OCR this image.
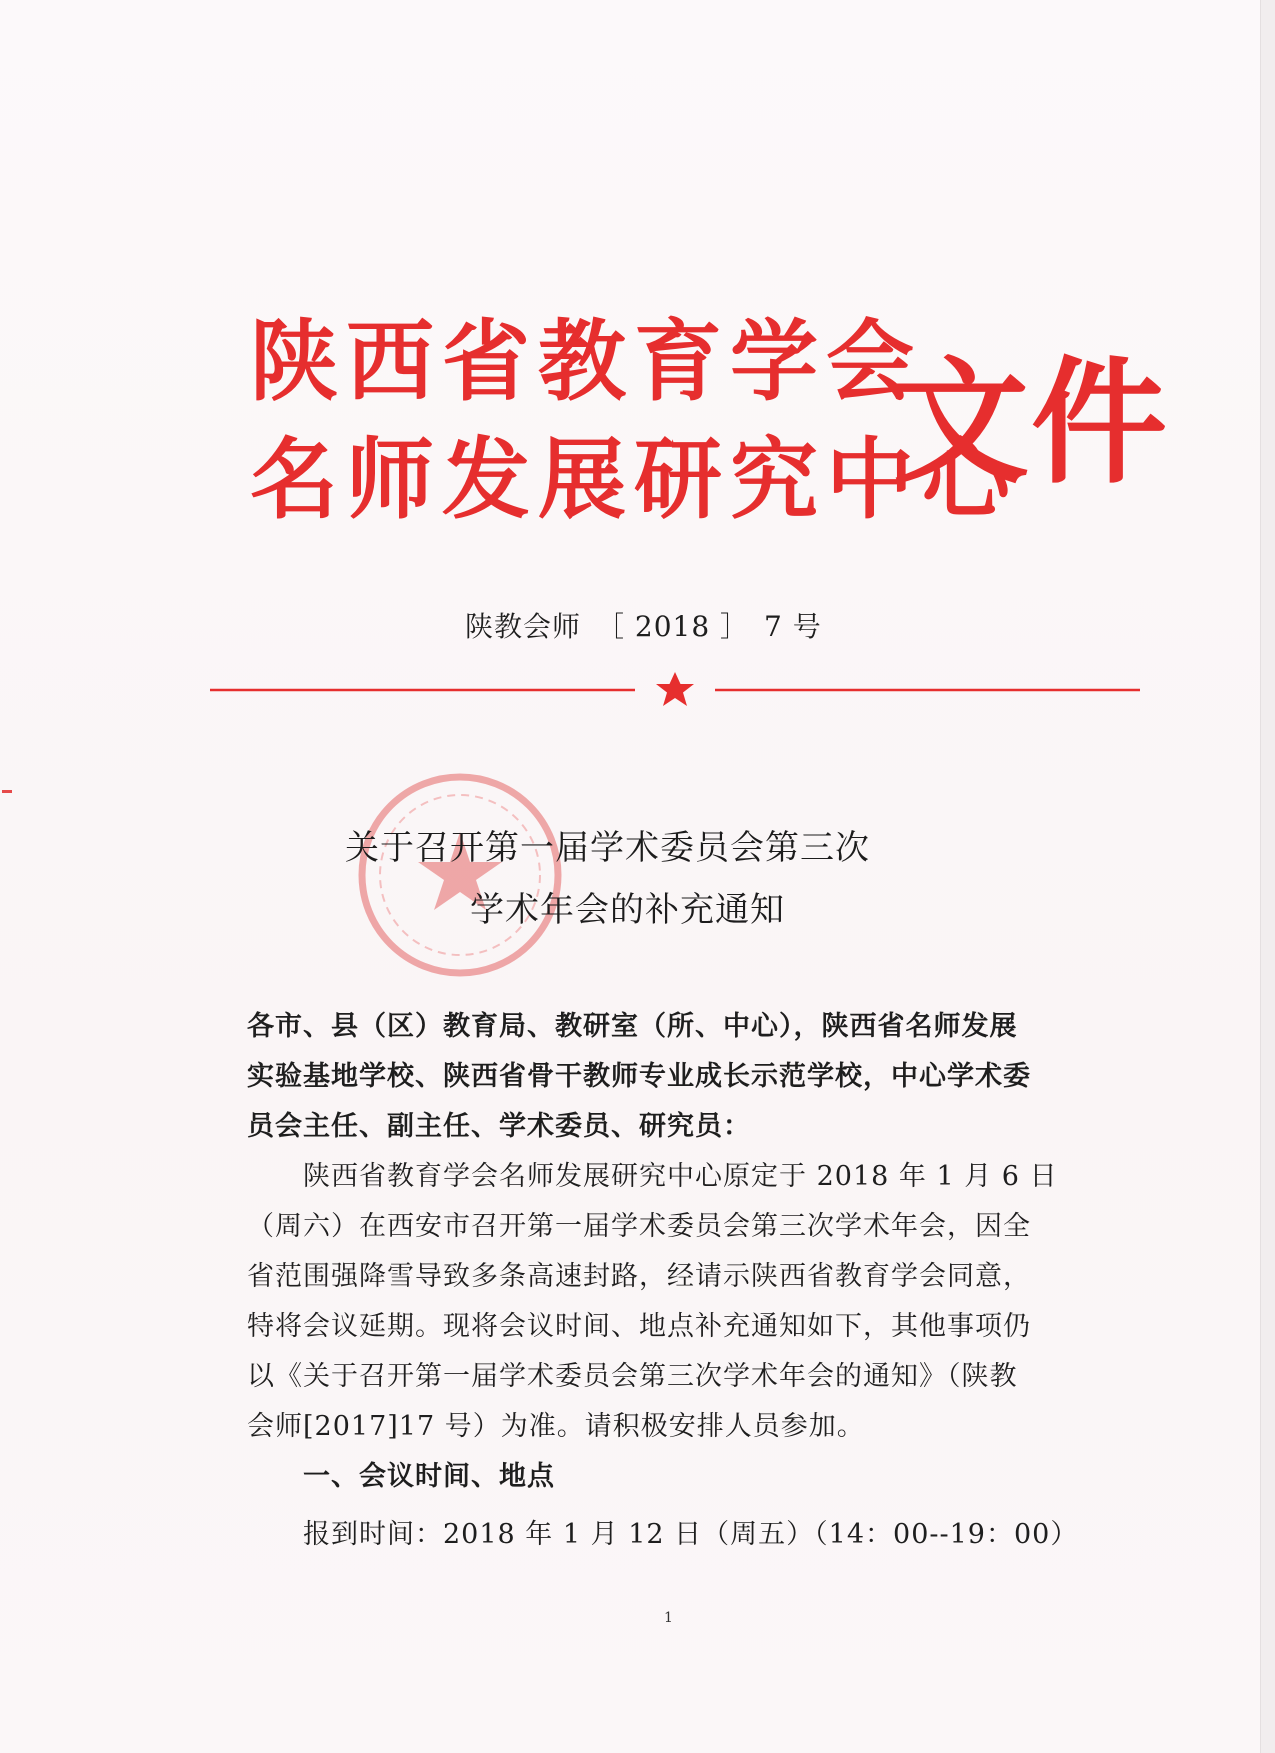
陕西省教育学会
名师发展研究中心
文件
陕教会师　［ 2018 ］　7 号
关于召开第一届学术委员会第三次
学术年会的补充通知
各市、县（区）教育局、教研室（所、中心），陕西省名师发展
实验基地学校、陕西省骨干教师专业成长示范学校，中心学术委
员会主任、副主任、学术委员、研究员：
陕西省教育学会名师发展研究中心原定于 2018 年 1 月 6 日
（周六）在西安市召开第一届学术委员会第三次学术年会，因全
省范围强降雪导致多条高速封路，经请示陕西省教育学会同意，
特将会议延期。现将会议时间、地点补充通知如下，其他事项仍
以《关于召开第一届学术委员会第三次学术年会的通知》（陕教
会师[2017]17 号）为准。请积极安排人员参加。
一、会议时间、地点
报到时间：2018 年 1 月 12 日（周五）（14：00--19：00）
1
